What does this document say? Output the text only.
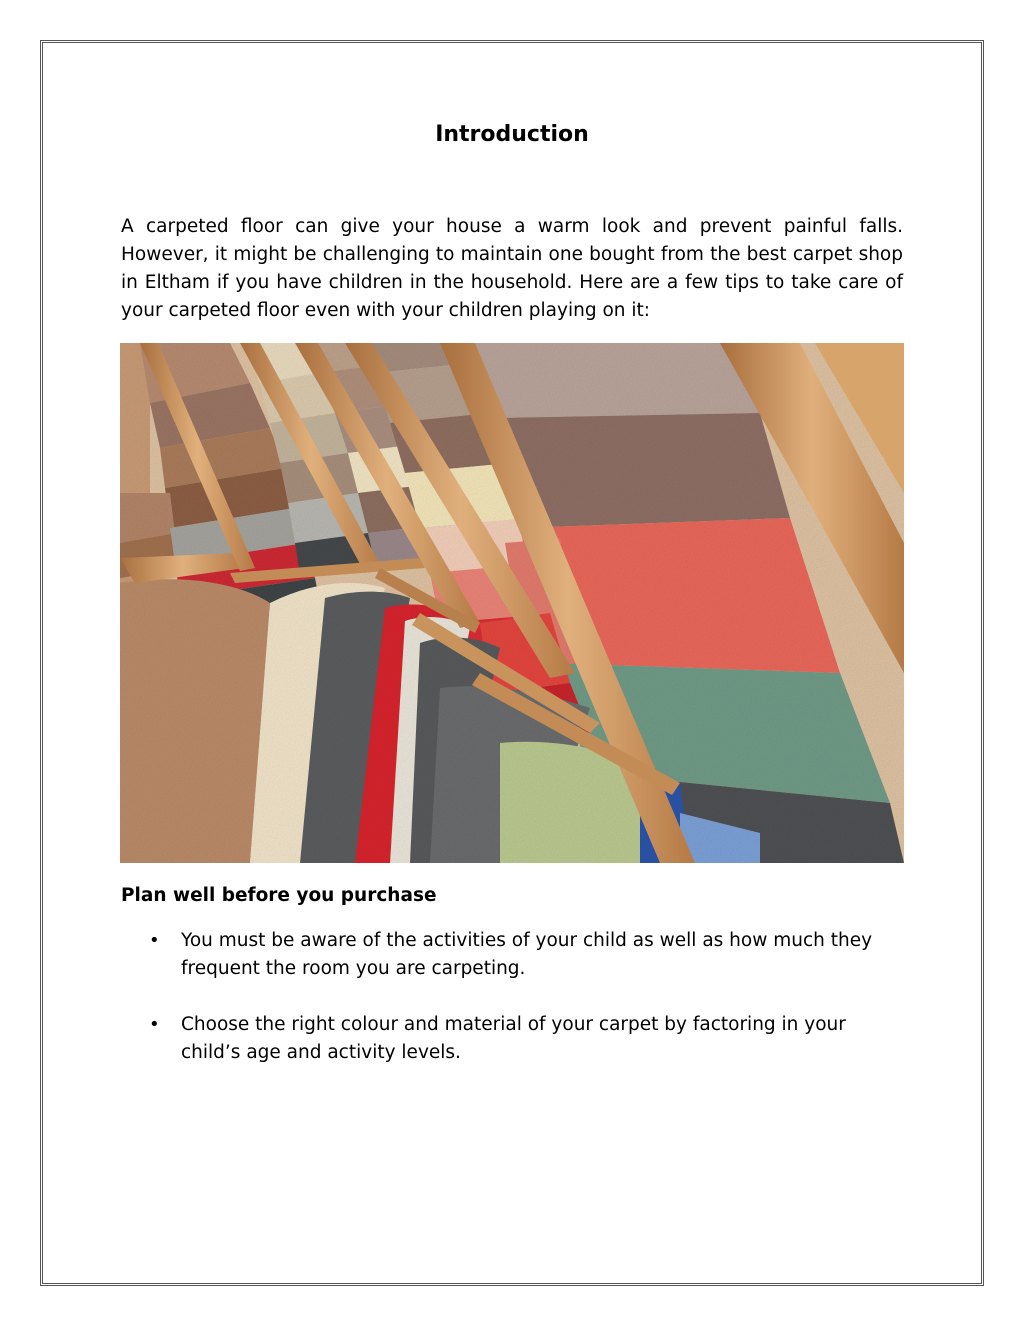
Introduction

A carpeted floor can give your house a warm look and prevent painful falls. However, it might be challenging to maintain one bought from the best carpet shop in Eltham if you have children in the household. Here are a few tips to take care of your carpeted floor even with your children playing on it:

Plan well before you purchase
• You must be aware of the activities of your child as well as how much they frequent the room you are carpeting.
• Choose the right colour and material of your carpet by factoring in your child’s age and activity levels.
